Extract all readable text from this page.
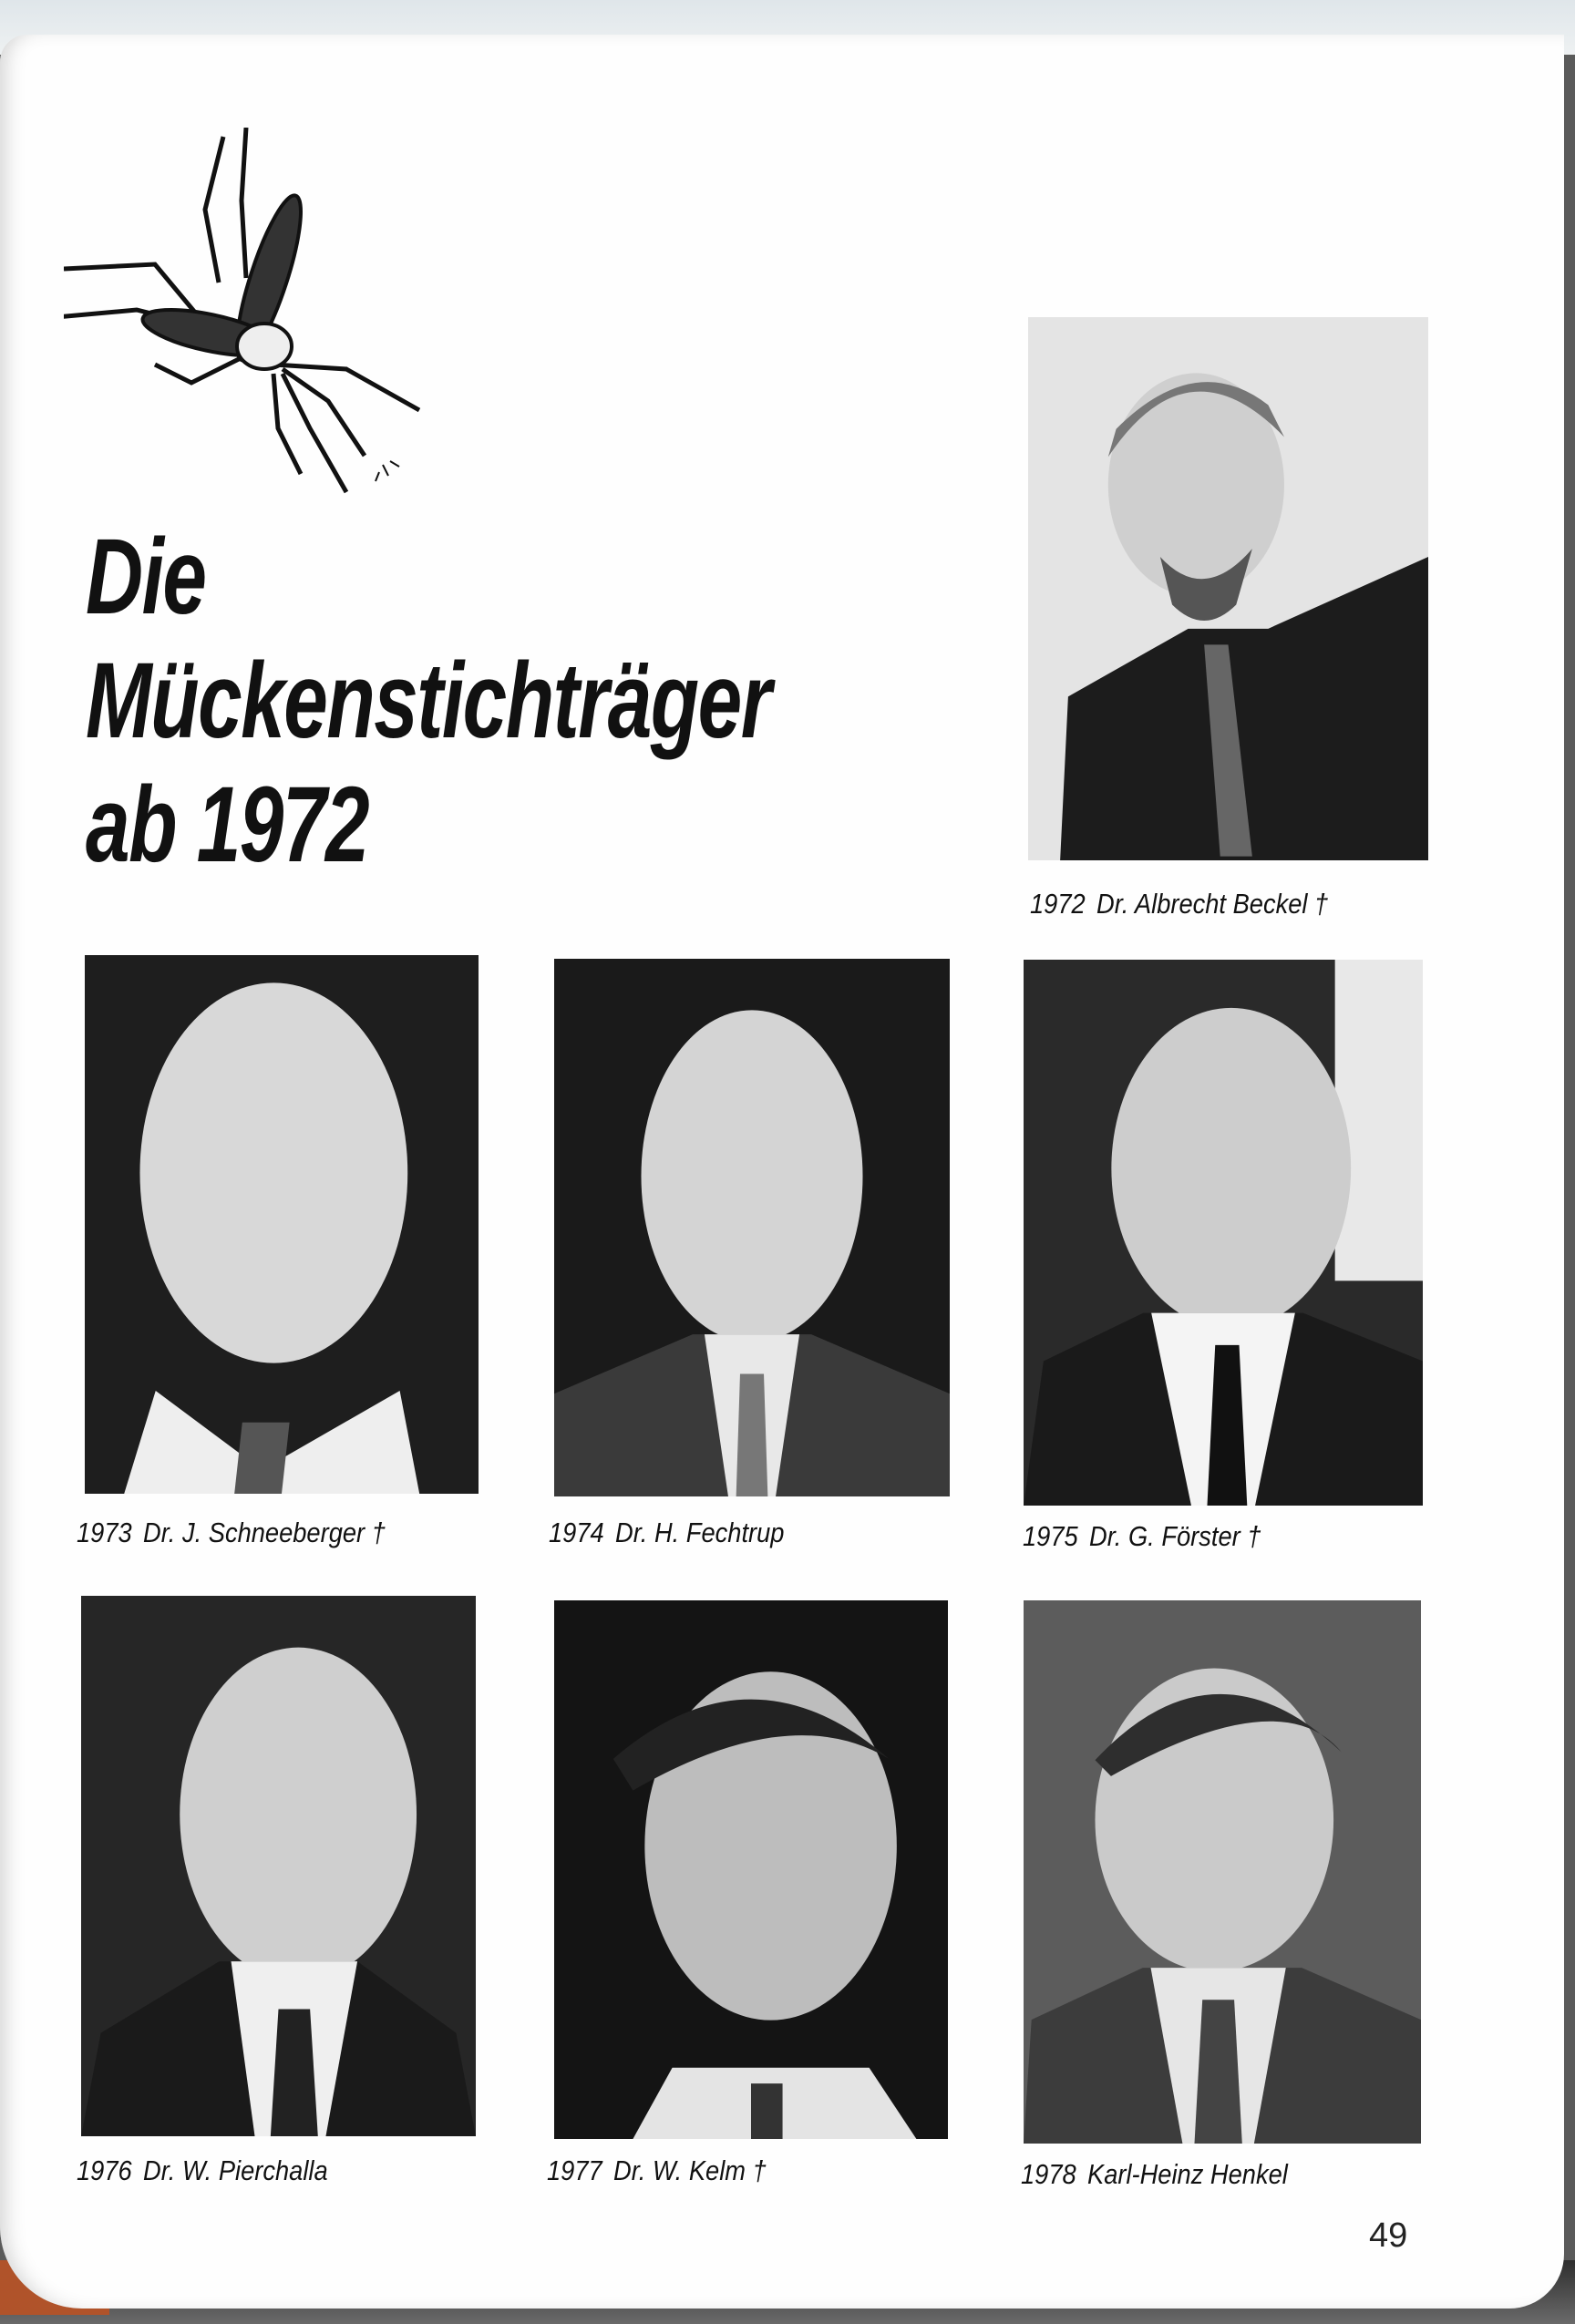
Die
Mückenstichträger
ab 1972
1972 Dr. Albrecht Beckel †
1973 Dr. J. Schneeberger †	1974 Dr. H. Fechtrup	1975 Dr. G. Förster †
1976 Dr. W. Pierchalla	1977 Dr. W. Kelm †	1978 Karl-Heinz Henkel
49
